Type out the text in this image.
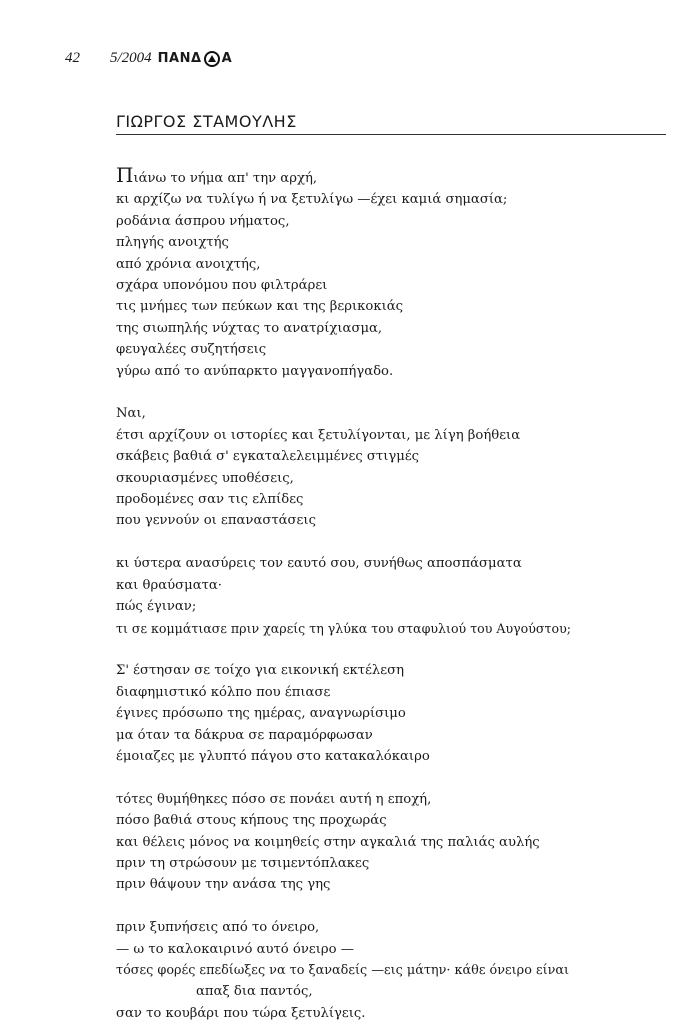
42 5/2004 ΠΑΝΔ Α
ΓΙΩΡΓΟΣ ΣΤΑΜΟΥΛΗΣ
Πιάνω το νήμα απ' την αρχή,
κι αρχίζω να τυλίγω ή να ξετυλίγω —έχει καμιά σημασία;
ροδάνια άσπρου νήματος,
πληγής ανοιχτής
από χρόνια ανοιχτής,
σχάρα υπονόμου που φιλτράρει
τις μνήμες των πεύκων και της βερικοκιάς
της σιωπηλής νύχτας το ανατρίχιασμα,
φευγαλέες συζητήσεις
γύρω από το ανύπαρκτο μαγγανοπήγαδο.
Ναι,
έτσι αρχίζουν οι ιστορίες και ξετυλίγονται, με λίγη βοήθεια
σκάβεις βαθιά σ' εγκαταλελειμμένες στιγμές
σκουριασμένες υποθέσεις,
προδομένες σαν τις ελπίδες
που γεννούν οι επαναστάσεις
κι ύστερα ανασύρεις τον εαυτό σου, συνήθως αποσπάσματα
και θραύσματα·
πώς έγιναν;
τι σε κομμάτιασε πριν χαρείς τη γλύκα του σταφυλιού του Αυγούστου;
Σ' έστησαν σε τοίχο για εικονική εκτέλεση
διαφημιστικό κόλπο που έπιασε
έγινες πρόσωπο της ημέρας, αναγνωρίσιμο
μα όταν τα δάκρυα σε παραμόρφωσαν
έμοιαζες με γλυπτό πάγου στο κατακαλόκαιρο
τότες θυμήθηκες πόσο σε πονάει αυτή η εποχή,
πόσο βαθιά στους κήπους της προχωράς
και θέλεις μόνος να κοιμηθείς στην αγκαλιά της παλιάς αυλής
πριν τη στρώσουν με τσιμεντόπλακες
πριν θάψουν την ανάσα της γης
πριν ξυπνήσεις από το όνειρο,
— ω το καλοκαιρινό αυτό όνειρο —
τόσες φορές επεδίωξες να το ξαναδείς —εις μάτην· κάθε όνειρο είναι
απαξ δια παντός,
σαν το κουβάρι που τώρα ξετυλίγεις.
